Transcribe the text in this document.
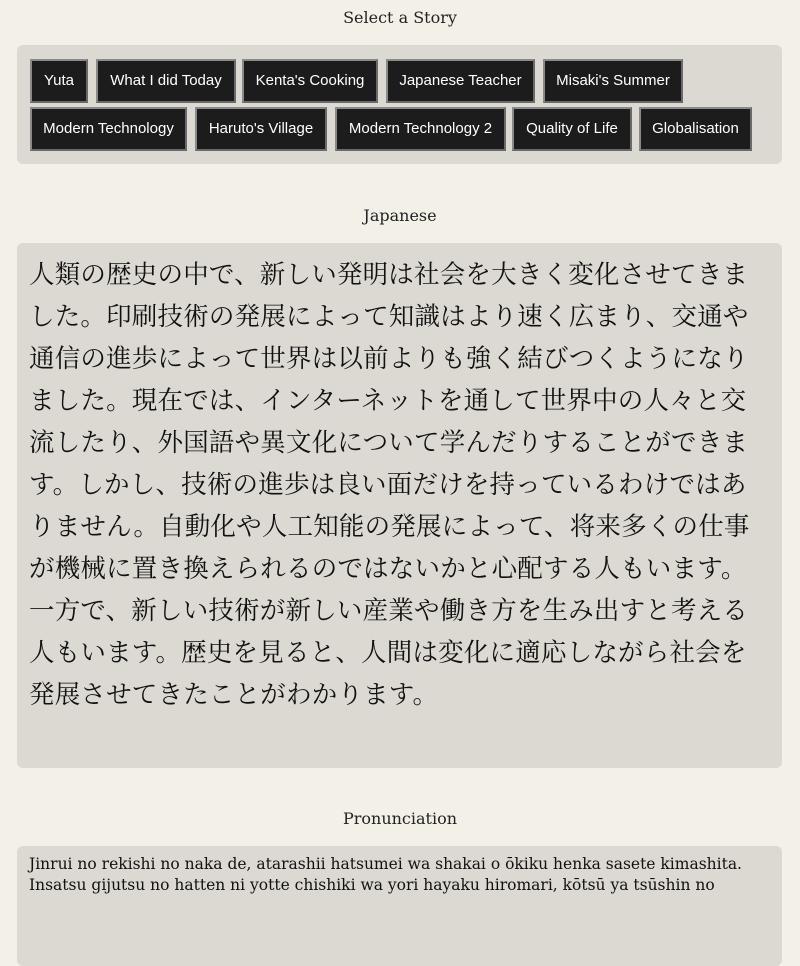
Select a Story
Yuta	What I did Today	Kenta's Cooking	Japanese Teacher	Misaki's Summer
Modern Technology	Haruto's Village	Modern Technology 2	Quality of Life	Globalisation
Japanese

人類の歴史の中で、新しい発明は社会を大きく変化させてきました。印刷技術の発展によって知識はより速く広まり、交通や通信の進歩によって世界は以前よりも強く結びつくようになりました。現在では、インターネットを通して世界中の人々と交流したり、外国語や異文化について学んだりすることができます。しかし、技術の進歩は良い面だけを持っているわけではありません。自動化や人工知能の発展によって、将来多くの仕事が機械に置き換えられるのではないかと心配する人もいます。一方で、新しい技術が新しい産業や働き方を生み出すと考える人もいます。歴史を見ると、人間は変化に適応しながら社会を発展させてきたことがわかります。

Pronunciation

Jinrui no rekishi no naka de, atarashii hatsumei wa shakai o ōkiku henka sasete kimashita. Insatsu gijutsu no hatten ni yotte chishiki wa yori hayaku hiromari, kōtsū ya tsūshin no
